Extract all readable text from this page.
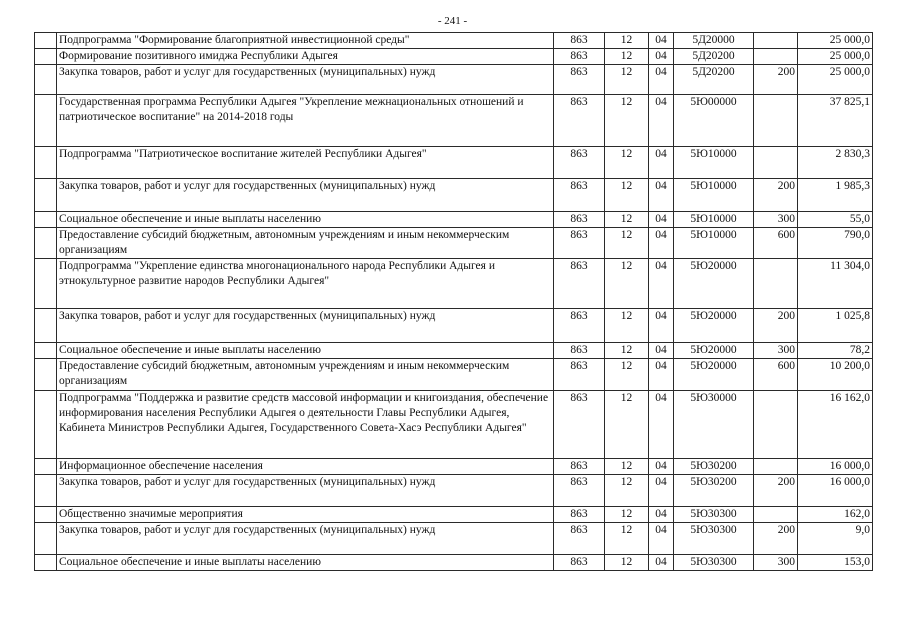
- 241 -
	Подпрограмма "Формирование благоприятной инвестиционной среды"	863	12	04	5Д20000		25 000,0
	Формирование позитивного имиджа Республики Адыгея	863	12	04	5Д20200		25 000,0
	Закупка товаров, работ и услуг для государственных (муниципальных) нужд	863	12	04	5Д20200	200	25 000,0
	Государственная программа Республики Адыгея "Укрепление межнациональных отношений и патриотическое воспитание" на 2014-2018 годы	863	12	04	5Ю00000		37 825,1
	Подпрограмма "Патриотическое воспитание жителей Республики Адыгея"	863	12	04	5Ю10000		2 830,3
	Закупка товаров, работ и услуг для государственных (муниципальных) нужд	863	12	04	5Ю10000	200	1 985,3
	Социальное обеспечение и иные выплаты населению	863	12	04	5Ю10000	300	55,0
	Предоставление субсидий бюджетным, автономным учреждениям и иным некоммерческим организациям	863	12	04	5Ю10000	600	790,0
	Подпрограмма "Укрепление единства многонационального народа Республики Адыгея и этнокультурное развитие народов Республики Адыгея"	863	12	04	5Ю20000		11 304,0
	Закупка товаров, работ и услуг для государственных (муниципальных) нужд	863	12	04	5Ю20000	200	1 025,8
	Социальное обеспечение и иные выплаты населению	863	12	04	5Ю20000	300	78,2
	Предоставление субсидий бюджетным, автономным учреждениям и иным некоммерческим организациям	863	12	04	5Ю20000	600	10 200,0
	Подпрограмма "Поддержка и развитие средств массовой информации и книгоиздания, обеспечение информирования населения Республики Адыгея о деятельности Главы Республики Адыгея, Кабинета Министров Республики Адыгея, Государственного Совета-Хасэ Республики Адыгея"	863	12	04	5Ю30000		16 162,0
	Информационное обеспечение населения	863	12	04	5Ю30200		16 000,0
	Закупка товаров, работ и услуг для государственных (муниципальных) нужд	863	12	04	5Ю30200	200	16 000,0
	Общественно значимые мероприятия	863	12	04	5Ю30300		162,0
	Закупка товаров, работ и услуг для государственных (муниципальных) нужд	863	12	04	5Ю30300	200	9,0
	Социальное обеспечение и иные выплаты населению	863	12	04	5Ю30300	300	153,0
